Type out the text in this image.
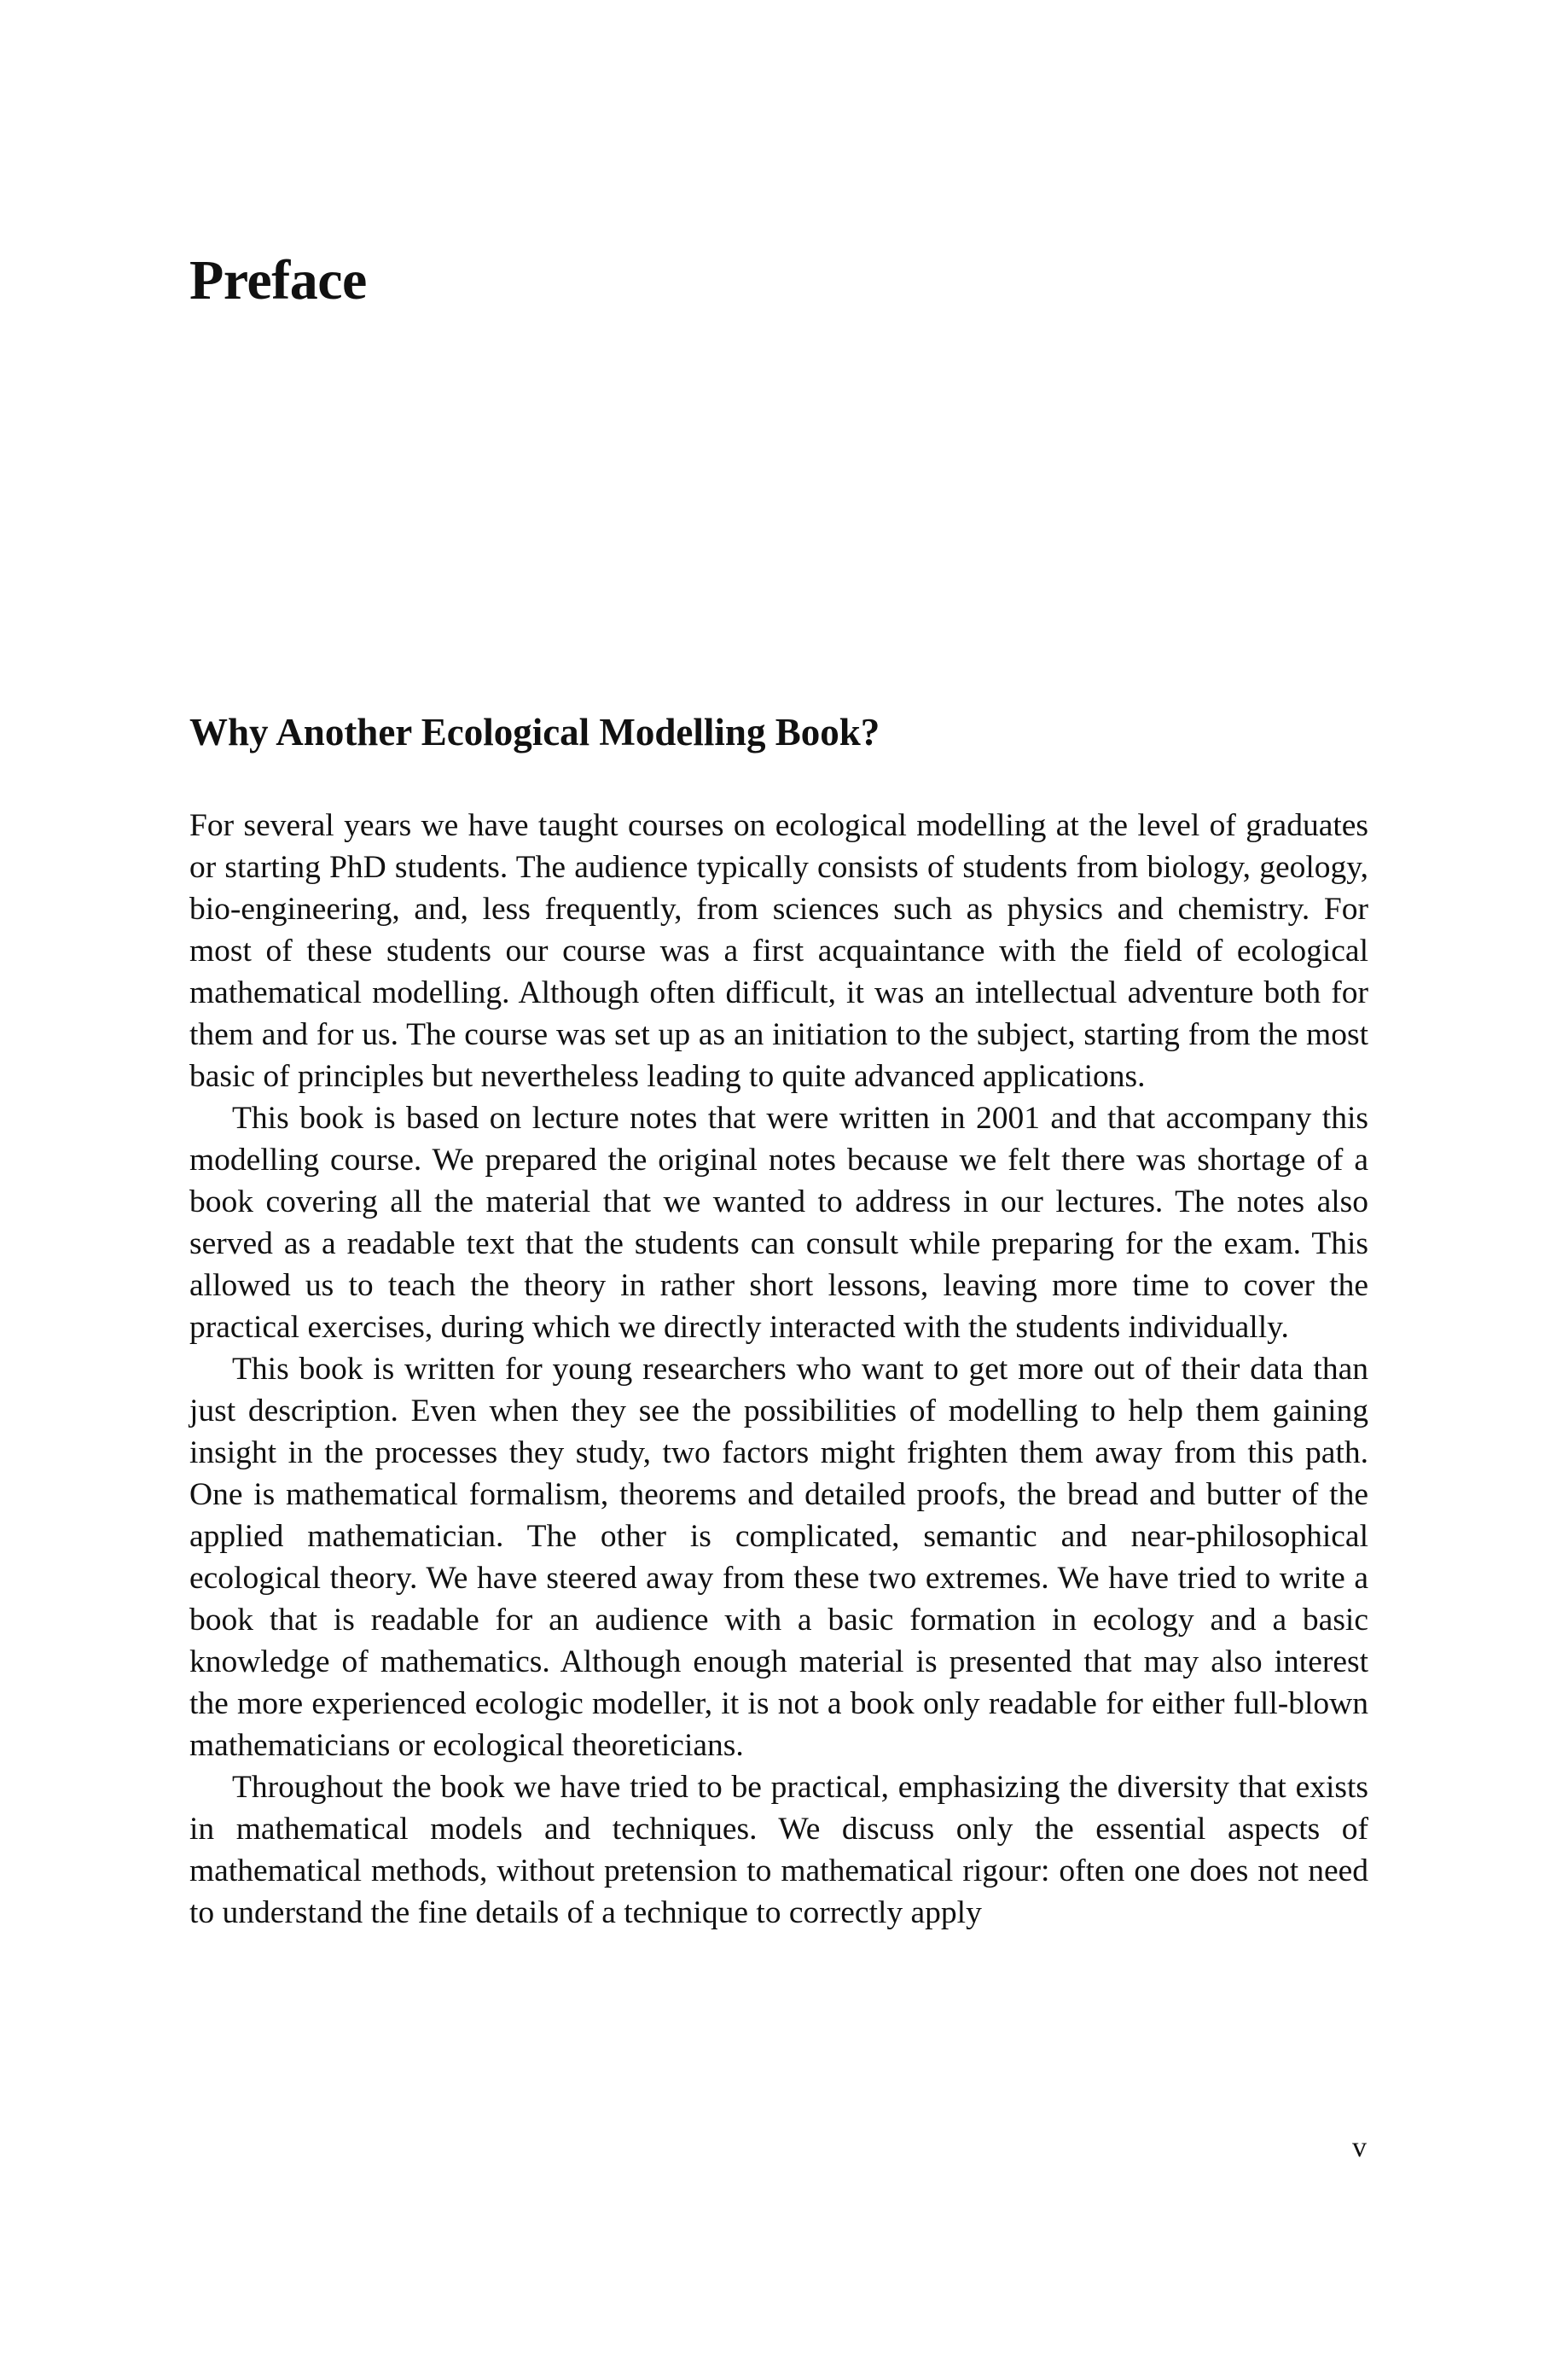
Preface
Why Another Ecological Modelling Book?

For several years we have taught courses on ecological modelling at the level of graduates or starting PhD students. The audience typically consists of students from biology, geology, bio-engineering, and, less frequently, from sciences such as physics and chemistry. For most of these students our course was a first acquaintance with the field of ecological mathematical modelling. Although often difficult, it was an intellectual adventure both for them and for us. The course was set up as an initiation to the subject, starting from the most basic of principles but nevertheless leading to quite advanced applications.

This book is based on lecture notes that were written in 2001 and that accompany this modelling course. We prepared the original notes because we felt there was shortage of a book covering all the material that we wanted to address in our lectures. The notes also served as a readable text that the students can consult while preparing for the exam. This allowed us to teach the theory in rather short lessons, leaving more time to cover the practical exercises, during which we directly interacted with the students individually.

This book is written for young researchers who want to get more out of their data than just description. Even when they see the possibilities of modelling to help them gaining insight in the processes they study, two factors might frighten them away from this path. One is mathematical formalism, theorems and detailed proofs, the bread and butter of the applied mathematician. The other is complicated, semantic and near-philosophical ecological theory. We have steered away from these two extremes. We have tried to write a book that is readable for an audience with a basic formation in ecology and a basic knowledge of mathematics. Although enough material is presented that may also interest the more experienced ecologic modeller, it is not a book only readable for either full-blown mathematicians or ecological theoreticians.

Throughout the book we have tried to be practical, emphasizing the diversity that exists in mathematical models and techniques. We discuss only the essential aspects of mathematical methods, without pretension to mathematical rigour: often one does not need to understand the fine details of a technique to correctly apply

v
